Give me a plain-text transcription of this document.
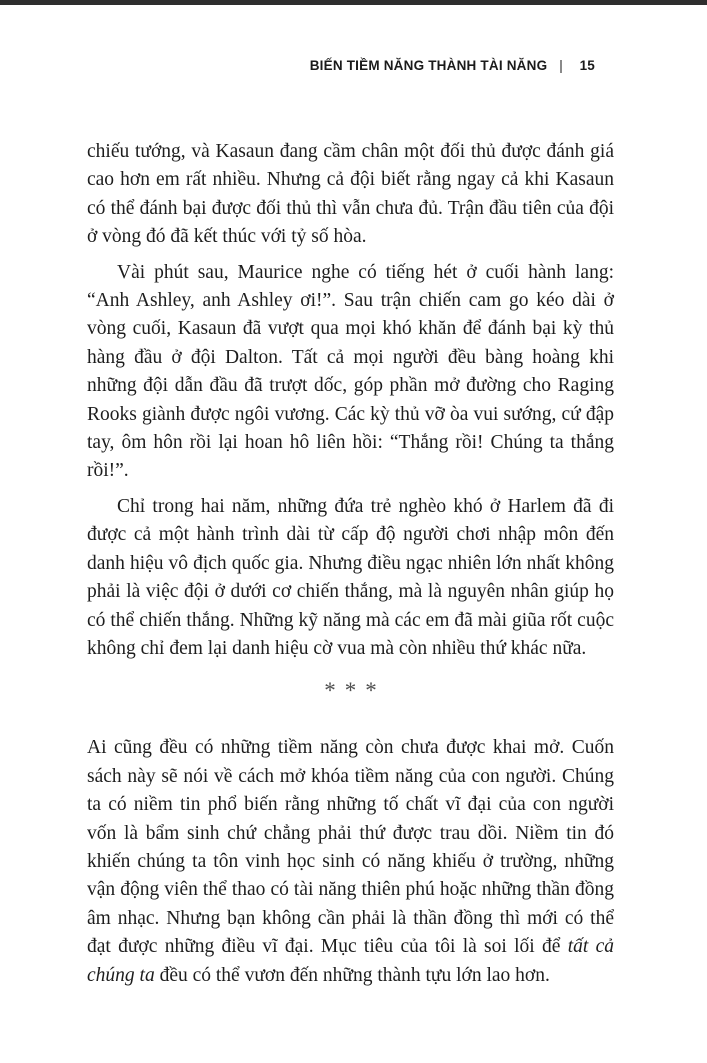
BIẾN TIỀM NĂNG THÀNH TÀI NĂNG | 15

chiếu tướng, và Kasaun đang cầm chân một đối thủ được đánh giá cao hơn em rất nhiều. Nhưng cả đội biết rằng ngay cả khi Kasaun có thể đánh bại được đối thủ thì vẫn chưa đủ. Trận đầu tiên của đội ở vòng đó đã kết thúc với tỷ số hòa.

Vài phút sau, Maurice nghe có tiếng hét ở cuối hành lang: “Anh Ashley, anh Ashley ơi!”. Sau trận chiến cam go kéo dài ở vòng cuối, Kasaun đã vượt qua mọi khó khăn để đánh bại kỳ thủ hàng đầu ở đội Dalton. Tất cả mọi người đều bàng hoàng khi những đội dẫn đầu đã trượt dốc, góp phần mở đường cho Raging Rooks giành được ngôi vương. Các kỳ thủ vỡ òa vui sướng, cứ đập tay, ôm hôn rồi lại hoan hô liên hồi: “Thắng rồi! Chúng ta thắng rồi!”.

Chỉ trong hai năm, những đứa trẻ nghèo khó ở Harlem đã đi được cả một hành trình dài từ cấp độ người chơi nhập môn đến danh hiệu vô địch quốc gia. Nhưng điều ngạc nhiên lớn nhất không phải là việc đội ở dưới cơ chiến thắng, mà là nguyên nhân giúp họ có thể chiến thắng. Những kỹ năng mà các em đã mài giũa rốt cuộc không chỉ đem lại danh hiệu cờ vua mà còn nhiều thứ khác nữa.

***

Ai cũng đều có những tiềm năng còn chưa được khai mở. Cuốn sách này sẽ nói về cách mở khóa tiềm năng của con người. Chúng ta có niềm tin phổ biến rằng những tố chất vĩ đại của con người vốn là bẩm sinh chứ chẳng phải thứ được trau dồi. Niềm tin đó khiến chúng ta tôn vinh học sinh có năng khiếu ở trường, những vận động viên thể thao có tài năng thiên phú hoặc những thần đồng âm nhạc. Nhưng bạn không cần phải là thần đồng thì mới có thể đạt được những điều vĩ đại. Mục tiêu của tôi là soi lối để tất cả chúng ta đều có thể vươn đến những thành tựu lớn lao hơn.
